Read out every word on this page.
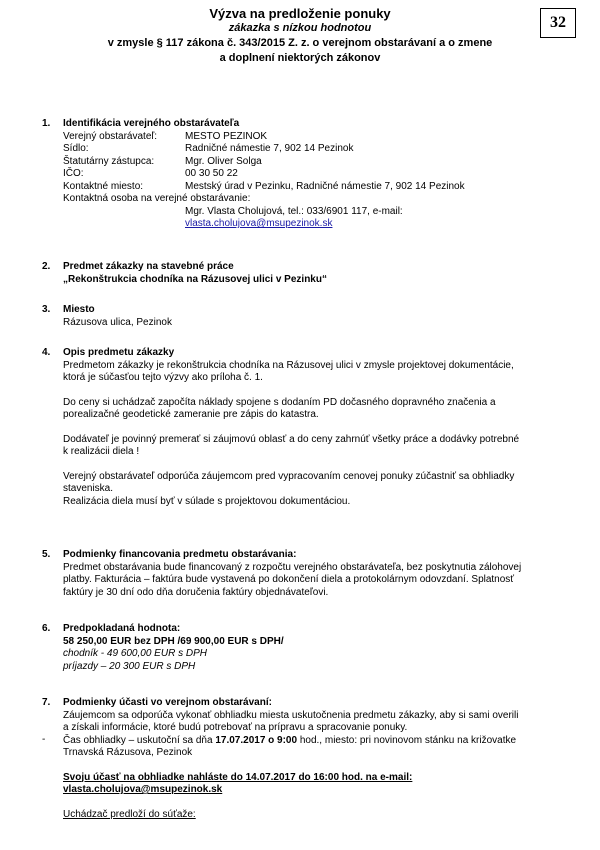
Výzva na predloženie ponuky
zákazka s nízkou hodnotou
v zmysle § 117 zákona č. 343/2015 Z. z. o verejnom obstarávaní a o zmene
a doplnení niektorých zákonov
32
1. Identifikácia verejného obstarávateľa
Verejný obstarávateľ:	MESTO PEZINOK
Sídlo:	Radničné námestie 7, 902 14 Pezinok
Štatutárny zástupca:	Mgr. Oliver Solga
IČO:	00 30 50 22
Kontaktné miesto:	Mestský úrad v Pezinku, Radničné námestie 7, 902 14 Pezinok
Kontaktná osoba na verejné obstarávanie:
Mgr. Vlasta Cholujová, tel.: 033/6901 117, e-mail:
vlasta.cholujova@msupezinok.sk
2. Predmet zákazky na stavebné práce
„Rekonštrukcia chodníka na Rázusovej ulici v Pezinku“
3. Miesto
Rázusova ulica, Pezinok
4. Opis predmetu zákazky
Predmetom zákazky je rekonštrukcia chodníka na Rázusovej ulici v zmysle projektovej dokumentácie,
ktorá je súčasťou tejto výzvy ako príloha č. 1.
Do ceny si uchádzač započíta náklady spojene s dodaním PD dočasného dopravného značenia a
porealizačné geodetické zameranie pre zápis do katastra.
Dodávateľ je povinný premerať si záujmovú oblasť a do ceny zahrnúť všetky práce a dodávky potrebné
k realizácii diela !
Verejný obstarávateľ odporúča záujemcom pred vypracovaním cenovej ponuky zúčastniť sa obhliadky
staveniska.
Realizácia diela musí byť v súlade s projektovou dokumentáciou.
5. Podmienky financovania predmetu obstarávania:
Predmet obstarávania bude financovaný z rozpočtu verejného obstarávateľa, bez poskytnutia zálohovej
platby. Fakturácia – faktúra bude vystavená po dokončení diela a protokolárnym odovzdaní. Splatnosť
faktúry je 30 dní odo dňa doručenia faktúry objednávateľovi.
6. Predpokladaná hodnota:
58 250,00 EUR bez DPH /69 900,00 EUR s DPH/
chodník - 49 600,00 EUR s DPH
príjazdy – 20 300 EUR s DPH
7. Podmienky účasti vo verejnom obstarávaní:
Záujemcom sa odporúča vykonať obhliadku miesta uskutočnenia predmetu zákazky, aby si sami overili
a získali informácie, ktoré budú potrebovať na prípravu a spracovanie ponuky.
Čas obhliadky – uskutoční sa dňa 17.07.2017 o 9:00 hod., miesto: pri novinovom stánku na križovatke
Trnavská Rázusova, Pezinok
Svoju účasť na obhliadke nahláste do 14.07.2017 do 16:00 hod. na e-mail:
vlasta.cholujova@msupezinok.sk
Uchádzač predloží do súťaže:
-
